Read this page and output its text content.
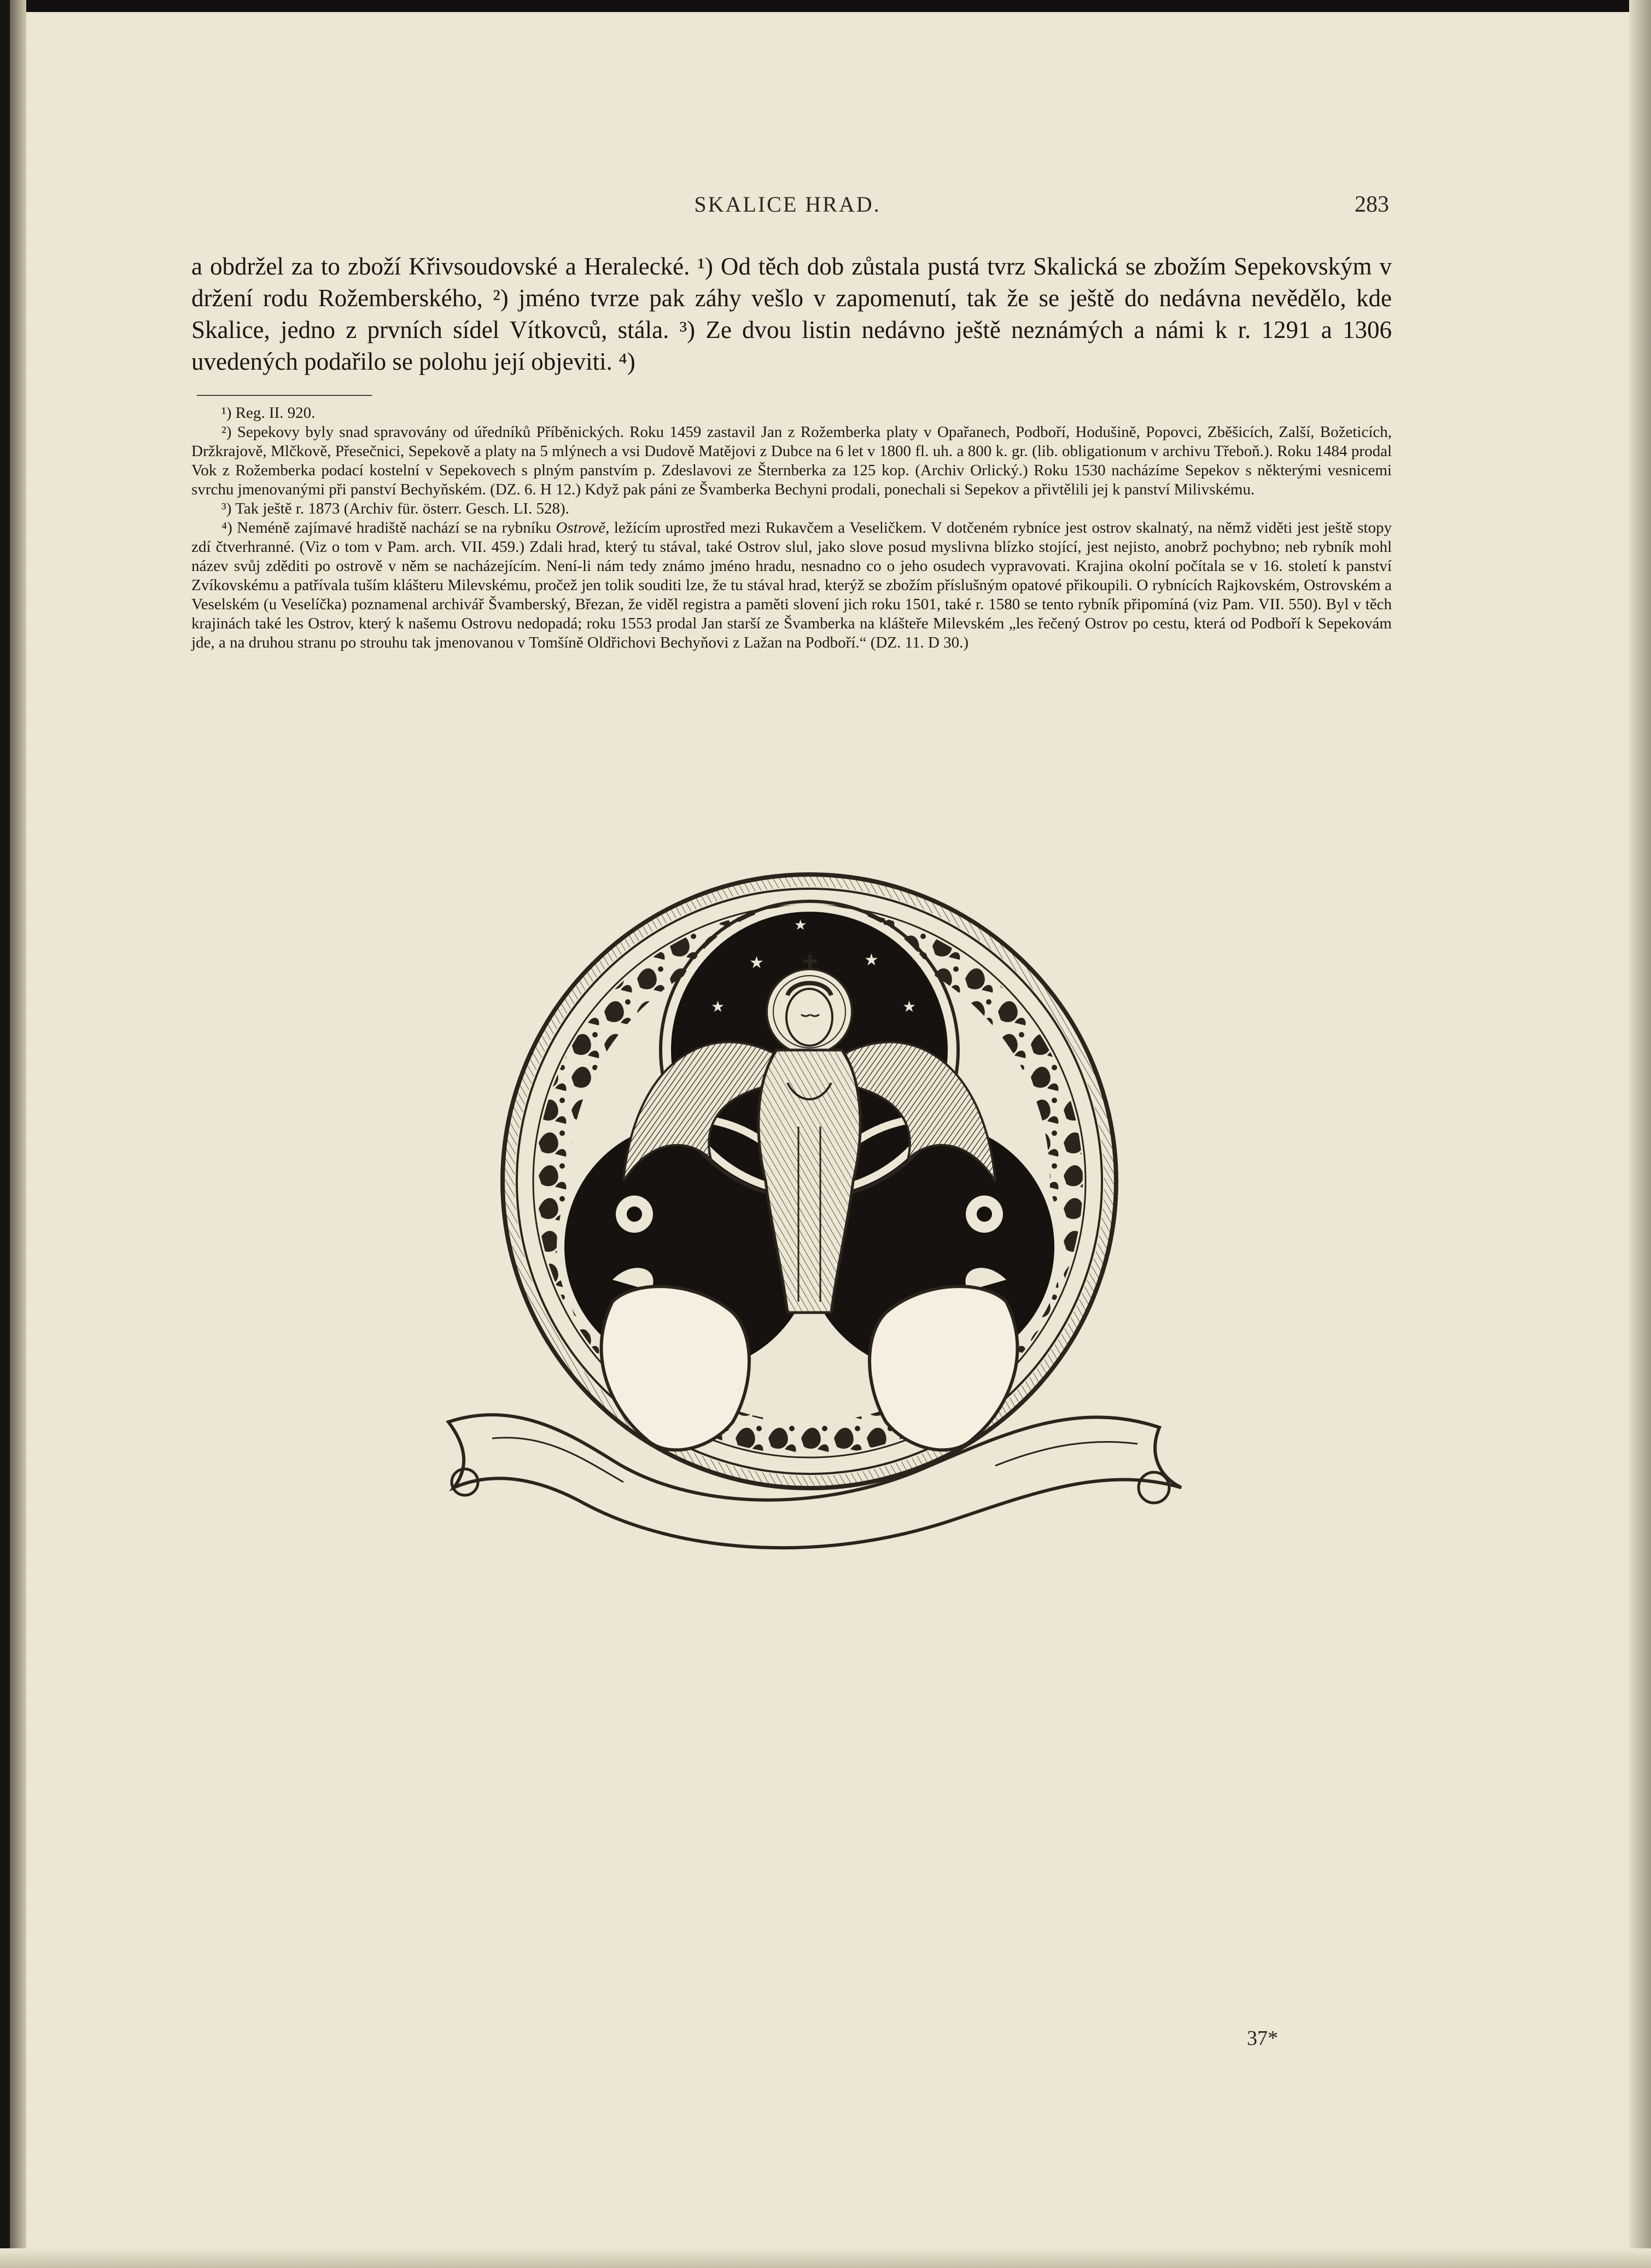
SKALICE HRAD.	283

a obdržel za to zboží Křivsoudovské a Heralecké. ¹) Od těch dob zůstala pustá tvrz Skalická se zbožím Sepekovským v držení rodu Rožemberského, ²) jméno tvrze pak záhy vešlo v zapomenutí, tak že se ještě do nedávna nevědělo, kde Skalice, jedno z prvních sídel Vítkovců, stála. ³) Ze dvou listin nedávno ještě neznámých a námi k r. 1291 a 1306 uvedených podařilo se polohu její objeviti. ⁴)

¹) Reg. II. 920.

²) Sepekovy byly snad spravovány od úředníků Příběnických. Roku 1459 zastavil Jan z Rožemberka platy v Opařanech, Podboří, Hodušině, Popovci, Zběšicích, Zalší, Božeticích, Držkrajově, Mlčkově, Přesečnici, Sepekově a platy na 5 mlýnech a vsi Dudově Matějovi z Dubce na 6 let v 1800 fl. uh. a 800 k. gr. (lib. obligationum v archivu Třeboň.). Roku 1484 prodal Vok z Rožemberka podací kostelní v Sepekovech s plným panstvím p. Zdeslavovi ze Šternberka za 125 kop. (Archiv Orlický.) Roku 1530 nacházíme Sepekov s některými vesnicemi svrchu jmenovanými při panství Bechyňském. (DZ. 6. H 12.) Když pak páni ze Švamberka Bechyni prodali, ponechali si Sepekov a přivtělili jej k panství Milivskému.

³) Tak ještě r. 1873 (Archiv für. österr. Gesch. LI. 528).

⁴) Neméně zajímavé hradiště nachází se na rybníku Ostrově, ležícím uprostřed mezi Rukavčem a Veseličkem. V dotčeném rybníce jest ostrov skalnatý, na němž viděti jest ještě stopy zdí čtverhranné. (Viz o tom v Pam. arch. VII. 459.) Zdali hrad, který tu stával, také Ostrov slul, jako slove posud myslivna blízko stojící, jest nejisto, anobrž pochybno; neb rybník mohl název svůj zděditi po ostrově v něm se nacházejícím. Není-li nám tedy známo jméno hradu, nesnadno co o jeho osudech vypravovati. Krajina okolní počítala se v 16. století k panství Zvíkovskému a patřívala tuším klášteru Milevskému, pročež jen tolik souditi lze, že tu stával hrad, kterýž se zbožím příslušným opatové přikoupili. O rybnících Rajkovském, Ostrovském a Veselském (u Veselíčka) poznamenal archivář Švamberský, Březan, že viděl registra a paměti slovení jich roku 1501, také r. 1580 se tento rybník připomíná (viz Pam. VII. 550). Byl v těch krajinách také les Ostrov, který k našemu Ostrovu nedopadá; roku 1553 prodal Jan starší ze Švamberka na klášteře Milevském „les řečený Ostrov po cestu, která od Podboří k Sepekovám jde, a na druhou stranu po strouhu tak jmenovanou v Tomšíně Oldřichovi Bechyňovi z Lažan na Podboří.“ (DZ. 11. D 30.)

★	★
★	★
★
✚
37*
